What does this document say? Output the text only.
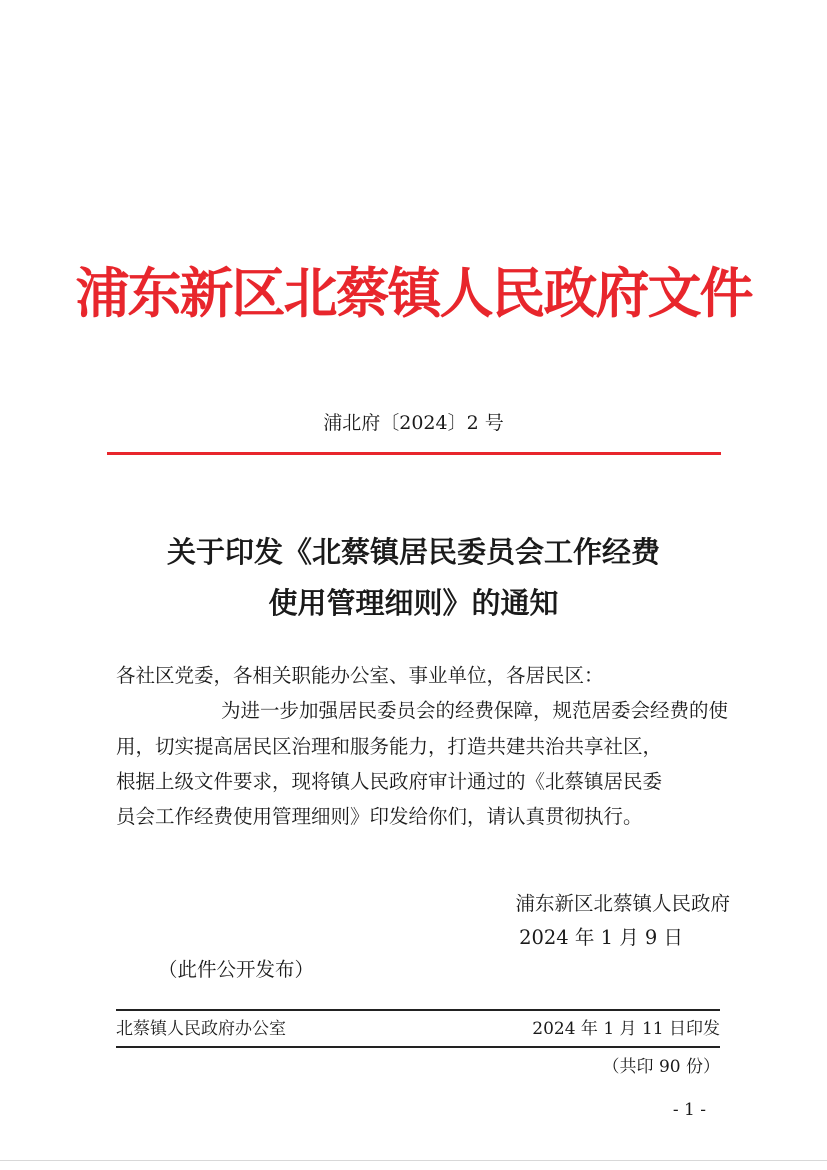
浦东新区北蔡镇人民政府文件
浦北府〔2024〕2 号
关于印发《北蔡镇居民委员会工作经费
使用管理细则》的通知
各社区党委，各相关职能办公室、事业单位，各居民区：
为进一步加强居民委员会的经费保障，规范居委会经费的使
用，切实提高居民区治理和服务能力，打造共建共治共享社区，
根据上级文件要求，现将镇人民政府审计通过的《北蔡镇居民委
员会工作经费使用管理细则》印发给你们，请认真贯彻执行。
浦东新区北蔡镇人民政府
2024 年 1 月 9 日
（此件公开发布）
北蔡镇人民政府办公室	2024 年 1 月 11 日印发
（共印 90 份）
- 1 -
